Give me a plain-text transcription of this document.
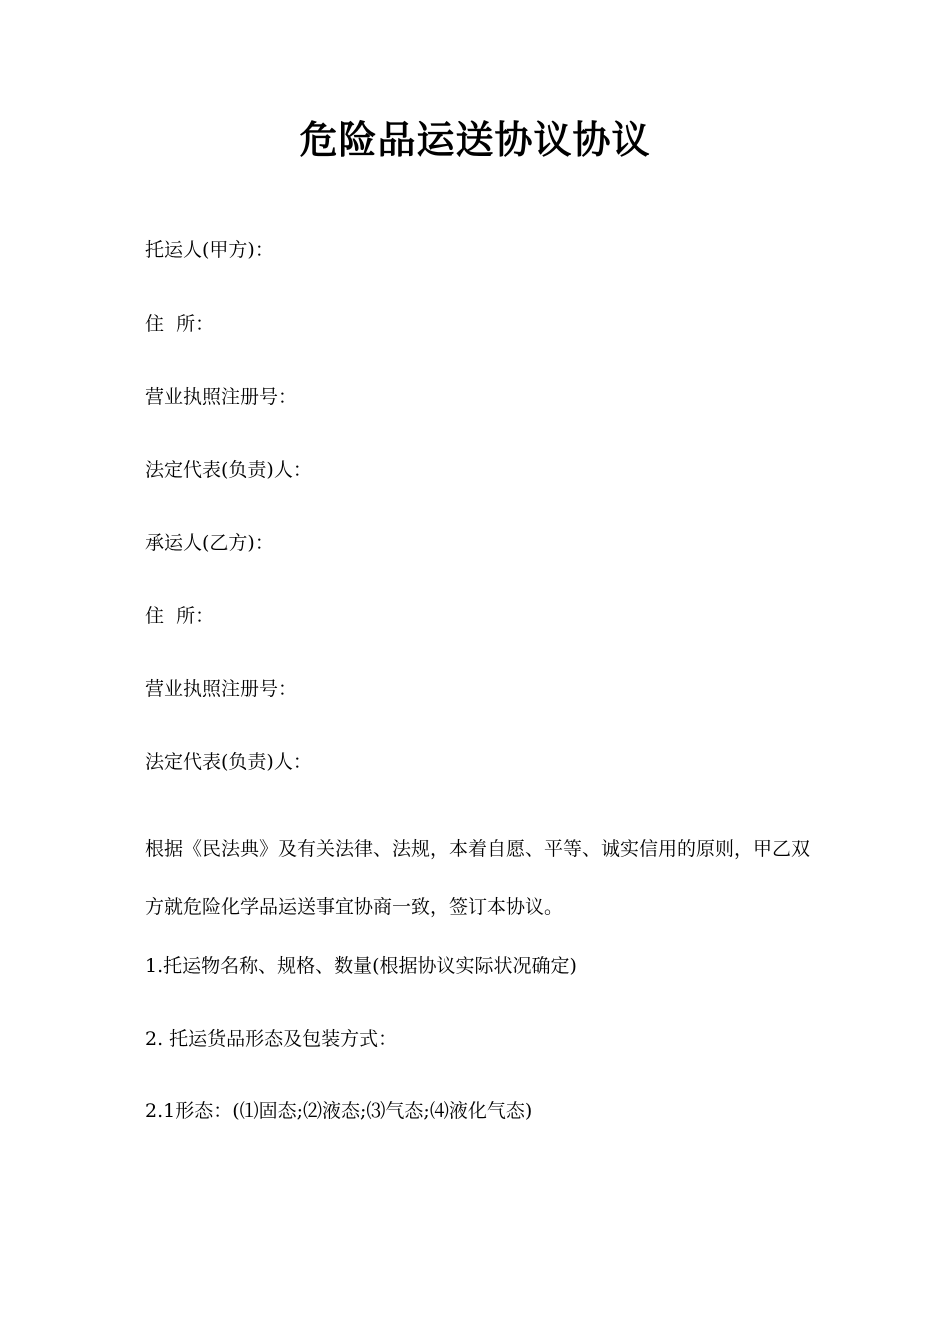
危险品运送协议协议
托运人(甲方)：
住  所：
营业执照注册号：
法定代表(负责)人：
承运人(乙方)：
住  所：
营业执照注册号：
法定代表(负责)人：
根据《民法典》及有关法律、法规，本着自愿、平等、诚实信用的原则，甲乙双方就危险化学品运送事宜协商一致，签订本协议。
1.托运物名称、规格、数量(根据协议实际状况确定)
2. 托运货品形态及包装方式：
2.1形态：(⑴固态;⑵液态;⑶气态;⑷液化气态)
